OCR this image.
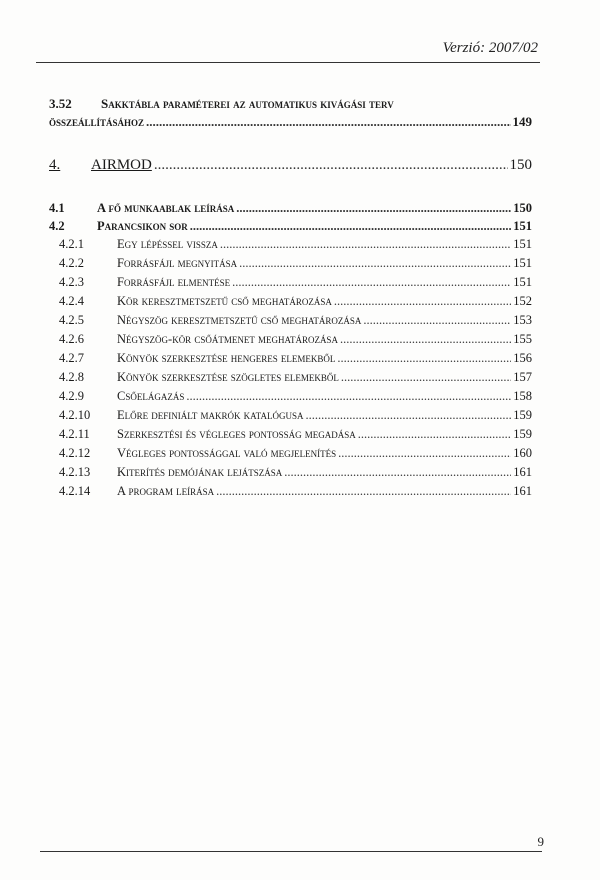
Verzió: 2007/02
3.52 Sakktábla paraméterei az automatikus kivágási terv
összeállításához .....	149
4.	AIRMOD .....	150
4.1	A fő munkaablak leírása .....	150
4.2	Parancsikon sor .....	151
4.2.1	Egy lépéssel vissza .....	151
4.2.2	Forrásfájl megnyitása .....	151
4.2.3	Forrásfájl elmentése .....	151
4.2.4	Kör keresztmetszetű cső meghatározása .....	152
4.2.5	Négyszög keresztmetszetű cső meghatározása .....	153
4.2.6	Négyszög-kör csőátmenet meghatározása .....	155
4.2.7	Könyök szerkesztése hengeres elemekből .....	156
4.2.8	Könyök szerkesztése szögletes elemekből .....	157
4.2.9	Csőelágazás .....	158
4.2.10	Előre definiált makrók katalógusa .....	159
4.2.11	Szerkesztési és végleges pontosság megadása .....	159
4.2.12	Végleges pontossággal való megjelenítés .....	160
4.2.13	Kiterítés demójának lejátszása .....	161
4.2.14	A program leírása .....	161
9
